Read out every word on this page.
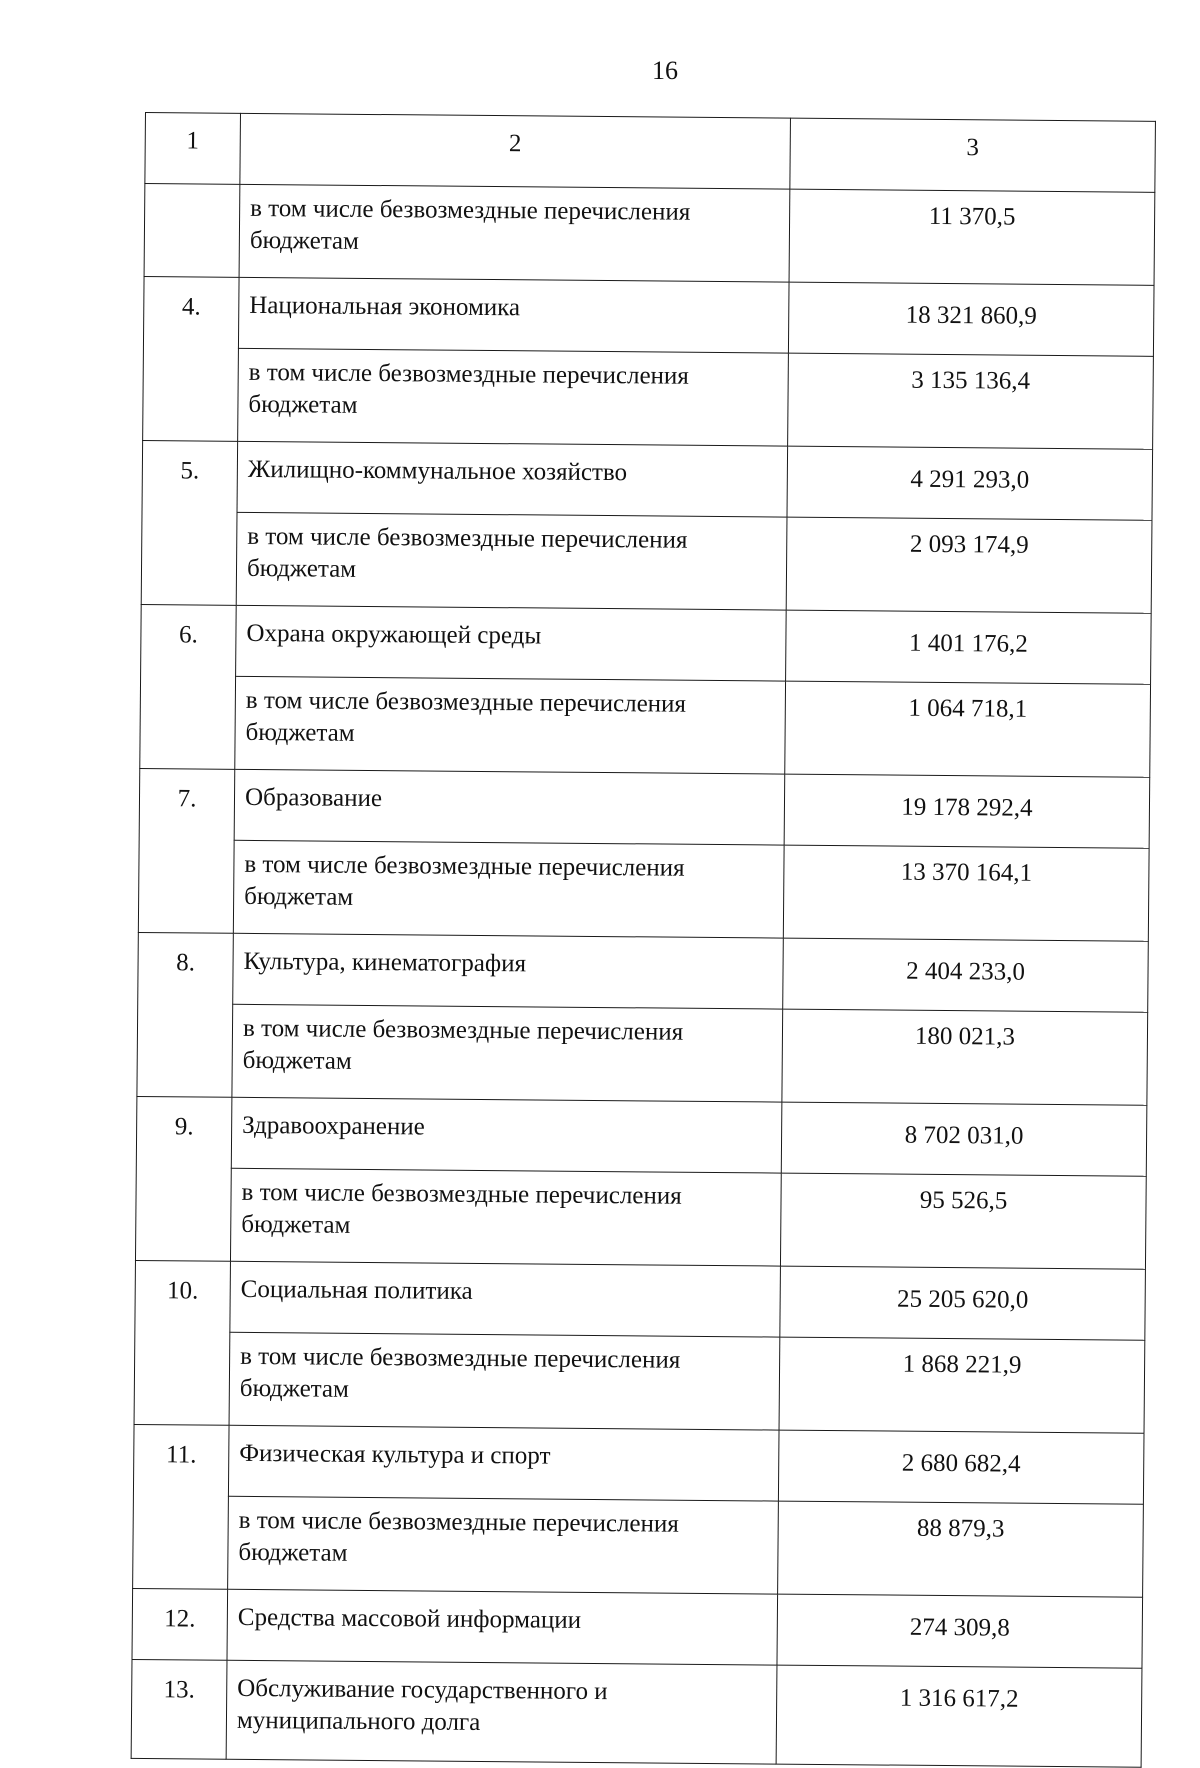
16
1	2	3
	в том числе безвозмездные перечисления бюджетам	11 370,5
4.	Национальная экономика	18 321 860,9
	в том числе безвозмездные перечисления бюджетам	3 135 136,4
5.	Жилищно-коммунальное хозяйство	4 291 293,0
	в том числе безвозмездные перечисления бюджетам	2 093 174,9
6.	Охрана окружающей среды	1 401 176,2
	в том числе безвозмездные перечисления бюджетам	1 064 718,1
7.	Образование	19 178 292,4
	в том числе безвозмездные перечисления бюджетам	13 370 164,1
8.	Культура, кинематография	2 404 233,0
	в том числе безвозмездные перечисления бюджетам	180 021,3
9.	Здравоохранение	8 702 031,0
	в том числе безвозмездные перечисления бюджетам	95 526,5
10.	Социальная политика	25 205 620,0
	в том числе безвозмездные перечисления бюджетам	1 868 221,9
11.	Физическая культура и спорт	2 680 682,4
	в том числе безвозмездные перечисления бюджетам	88 879,3
12.	Средства массовой информации	274 309,8
13.	Обслуживание государственного и муниципального долга	1 316 617,2
